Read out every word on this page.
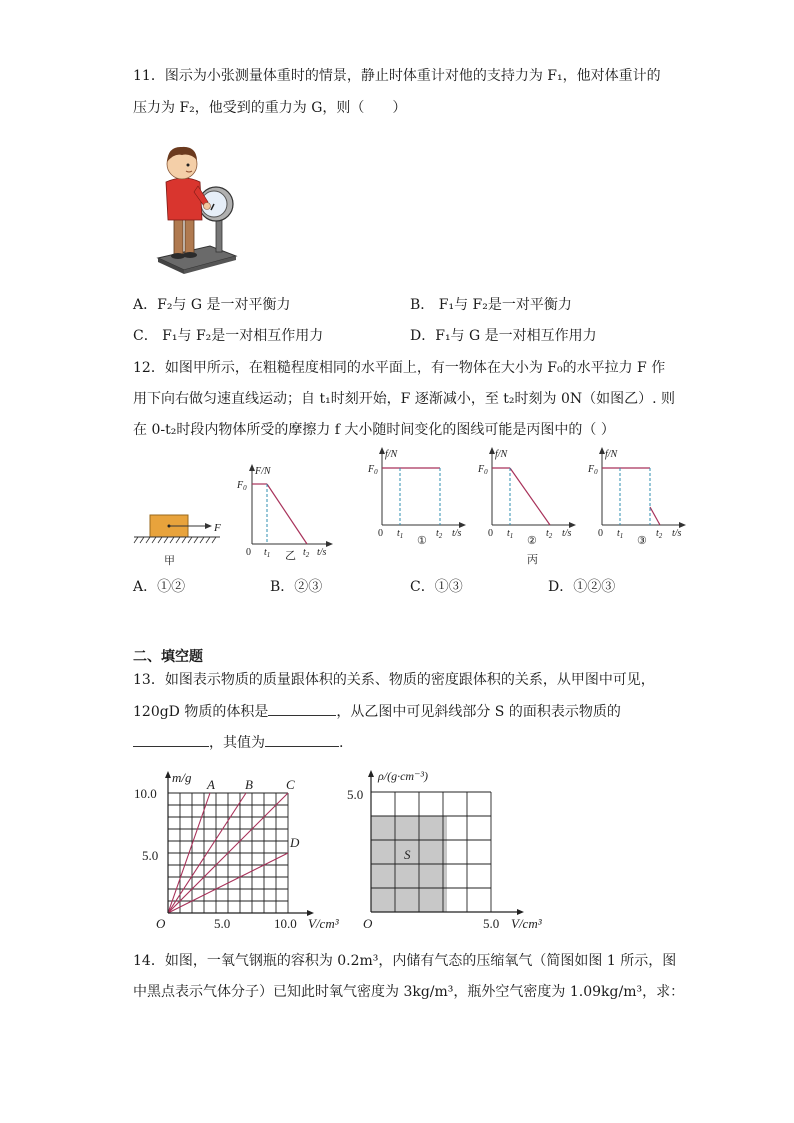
11．图示为小张测量体重时的情景，静止时体重计对他的支持力为 F₁，他对体重计的
压力为 F₂，他受到的重力为 G，则（　　）
A．F₂与 G 是一对平衡力	B． F₁与 F₂是一对平衡力
C． F₁与 F₂是一对相互作用力	D．F₁与 G 是一对相互作用力
12．如图甲所示，在粗糙程度相同的水平面上，有一物体在大小为 F₀的水平拉力 F 作
用下向右做匀速直线运动；自 t₁时刻开始，F 逐渐减小，至 t₂时刻为 0N（如图乙）. 则
在 0-t₂时段内物体所受的摩擦力 f 大小随时间变化的图线可能是丙图中的（ ）
F
甲
F/N
$F_0$
0 $t_1$	$t_2$ t/s
乙
f/N
$F_0$
0 $t_1$	$t_2$ t/s
①
f/N
$F_0$
0 $t_1$	$t_2$ t/s
②
丙
f/N
$F_0$
0 $t_1$	$t_2$ t/s
③
A．①②	B．②③	C．①③	D．①②③
二、填空题
13．如图表示物质的质量跟体积的关系、物质的密度跟体积的关系，从甲图中可见，
120gD 物质的体积是	，从乙图中可见斜线部分 S 的面积表示物质的
，其值为	.
m/g
10.0
5.0
O	5.0	10.0 V/cm³
A B	C
D
ρ/(g·cm⁻³)
5.0
O	5.0 V/cm³
S
14．如图，一氧气钢瓶的容积为 0.2m³，内储有气态的压缩氧气（简图如图 1 所示，图
中黑点表示气体分子）已知此时氧气密度为 3kg/m³，瓶外空气密度为 1.09kg/m³，求：
